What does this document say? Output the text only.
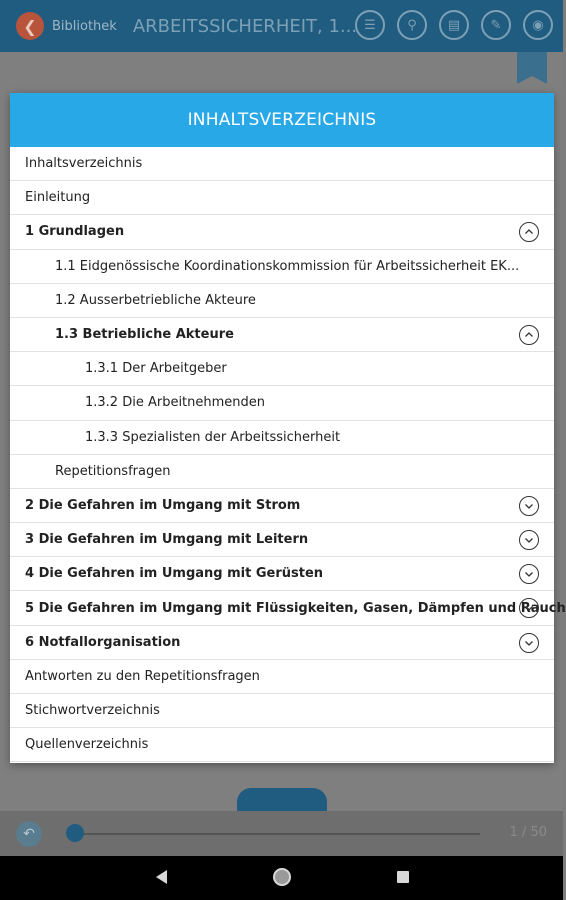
❮ Bibliothek ARBEITSSICHERHEIT, 1... ☰	⚲	▤	✎	◉
↶	1 / 50
INHALTSVERZEICHNIS
Inhaltsverzeichnis
Einleitung
1 Grundlagen
1.1 Eidgenössische Koordinationskommission für Arbeitssicherheit EK...
1.2 Ausserbetriebliche Akteure
1.3 Betriebliche Akteure
1.3.1 Der Arbeitgeber
1.3.2 Die Arbeitnehmenden
1.3.3 Spezialisten der Arbeitssicherheit
Repetitionsfragen
2 Die Gefahren im Umgang mit Strom
3 Die Gefahren im Umgang mit Leitern
4 Die Gefahren im Umgang mit Gerüsten
5 Die Gefahren im Umgang mit Flüssigkeiten, Gasen, Dämpfen und Rauch
6 Notfallorganisation
Antworten zu den Repetitionsfragen
Stichwortverzeichnis
Quellenverzeichnis
